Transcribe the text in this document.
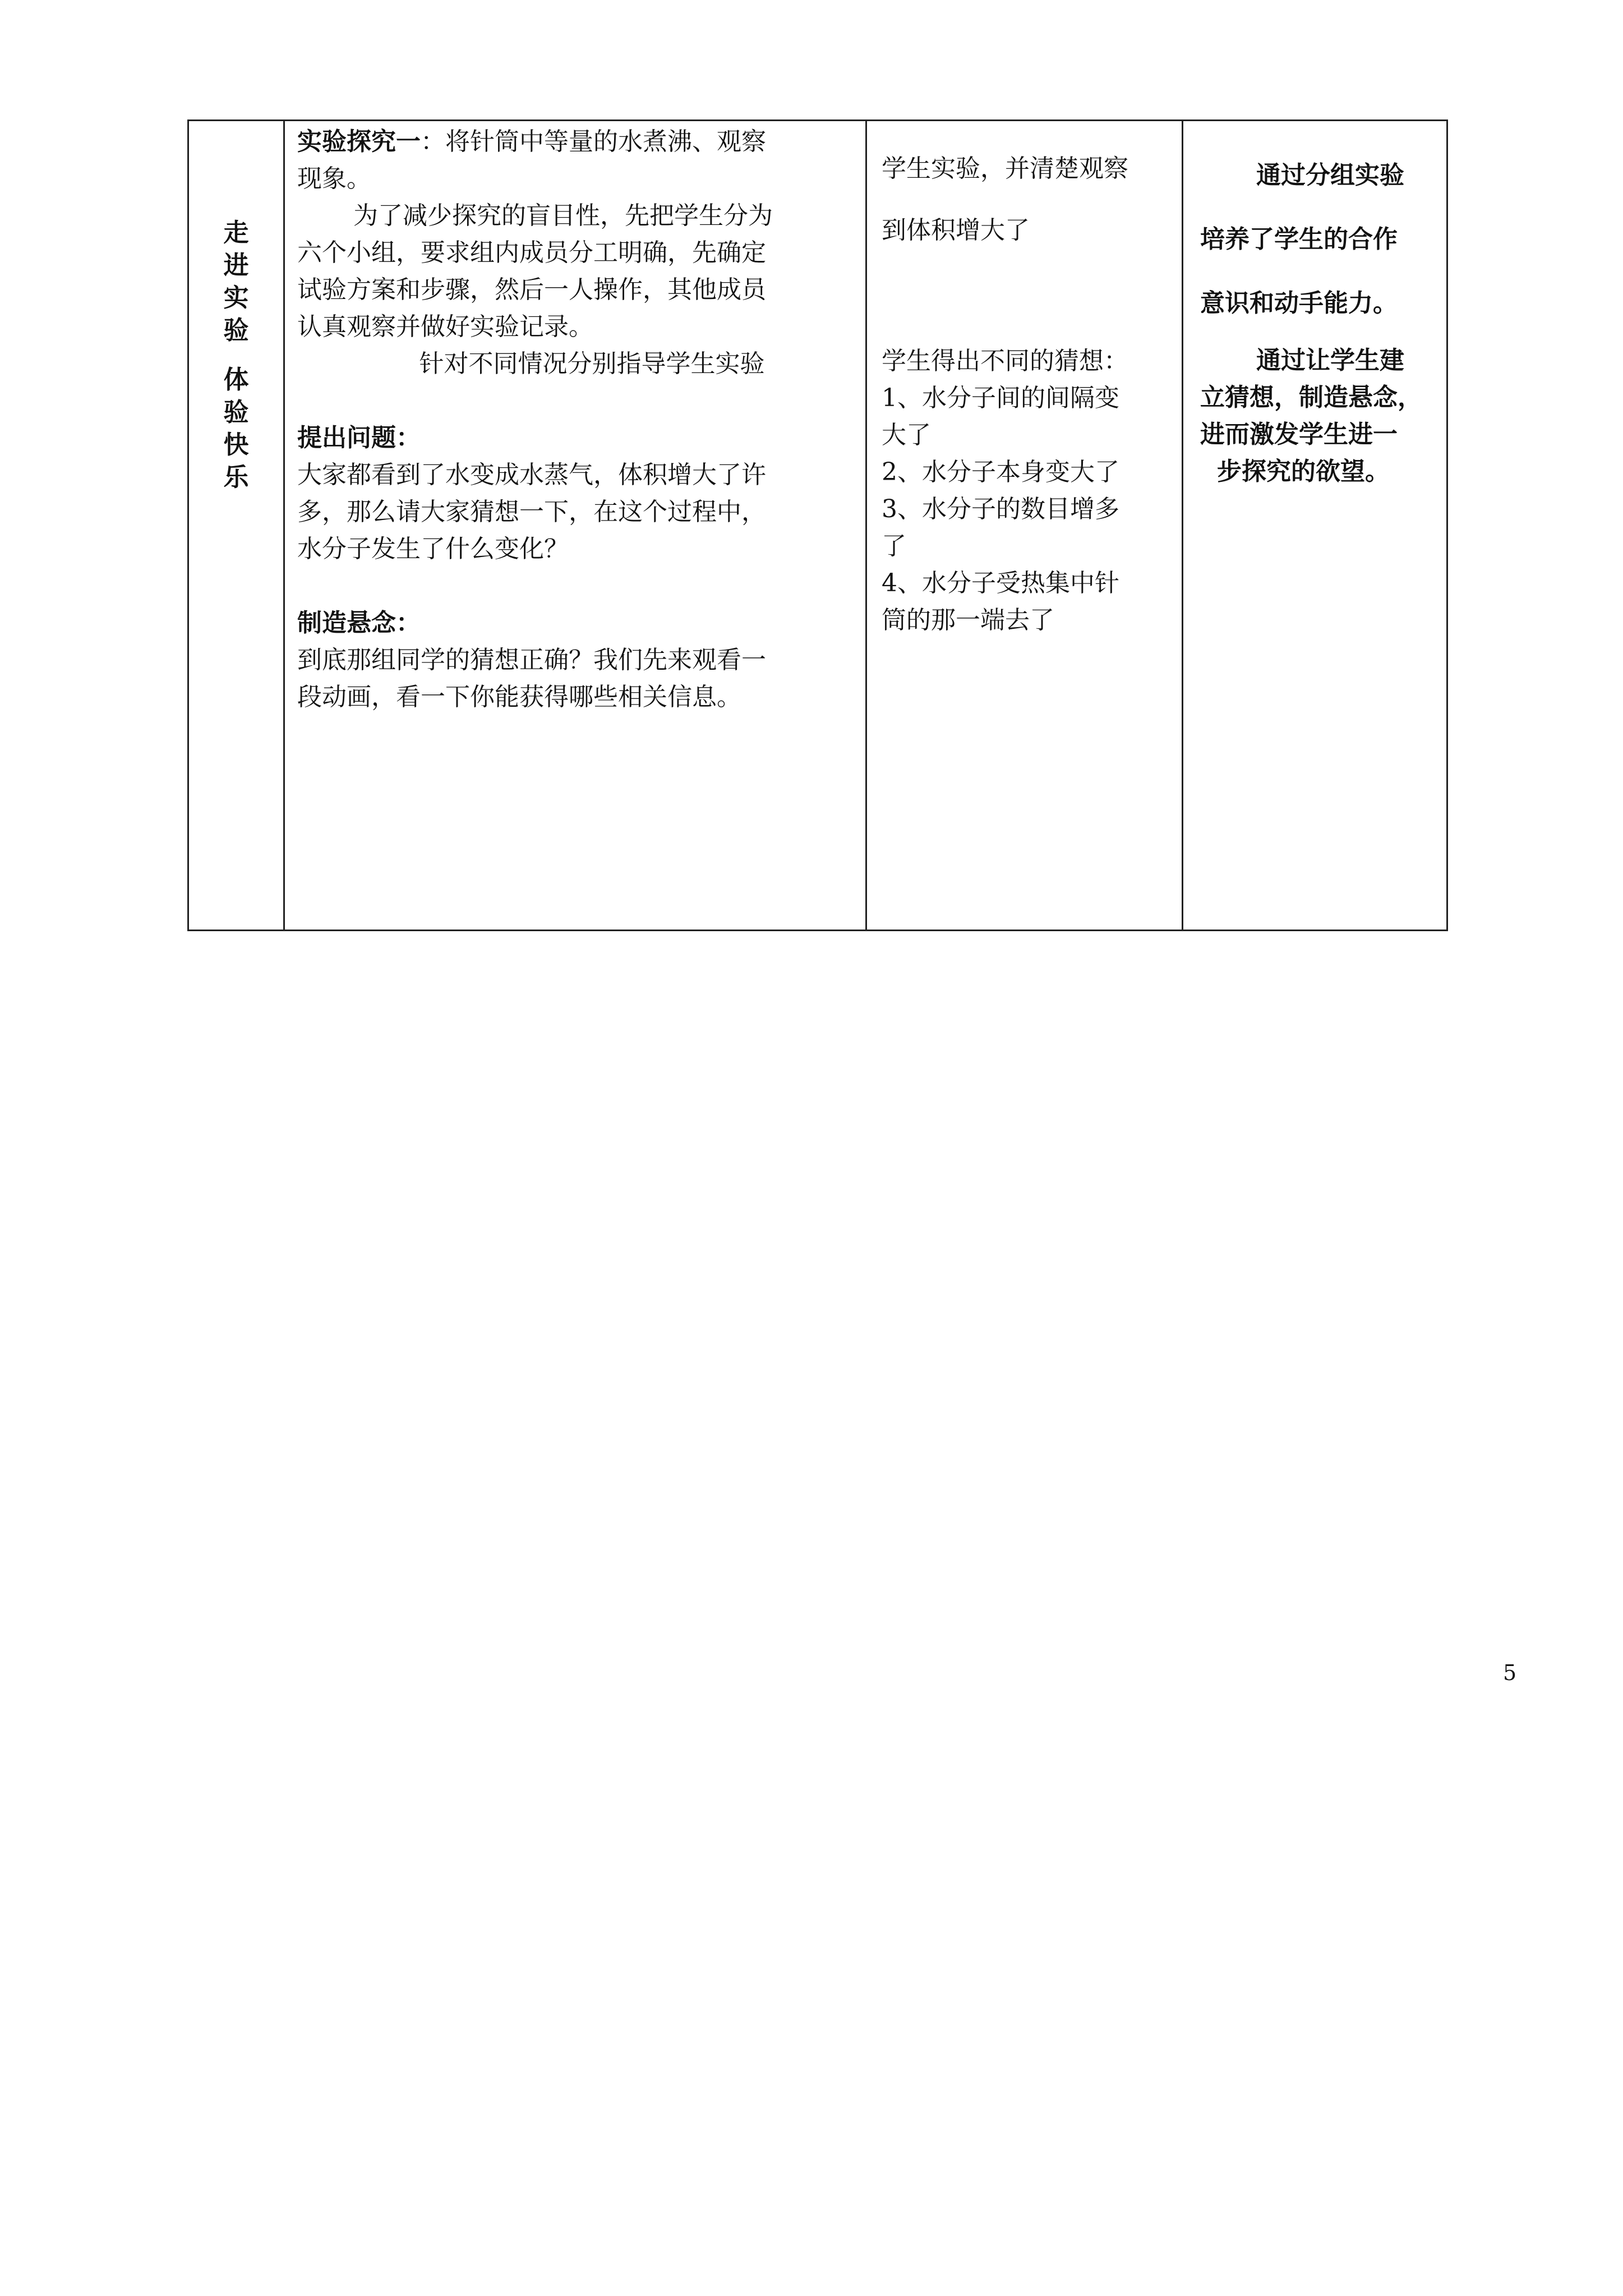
走
进
实
验
体
验
快
乐

实验探究一：将针筒中等量的水煮沸、观察

现象。

为了减少探究的盲目性，先把学生分为

六个小组，要求组内成员分工明确，先确定

试验方案和步骤，然后一人操作，其他成员

认真观察并做好实验记录。

针对不同情况分别指导学生实验

提出问题：

大家都看到了水变成水蒸气，体积增大了许

多，那么请大家猜想一下，在这个过程中，

水分子发生了什么变化？

制造悬念：

到底那组同学的猜想正确？我们先来观看一

段动画，看一下你能获得哪些相关信息。

学生实验，并清楚观察

到体积增大了

学生得出不同的猜想：

1、水分子间的间隔变

大了

2、水分子本身变大了

3、水分子的数目增多

了

4、水分子受热集中针

筒的那一端去了

通过分组实验

培养了学生的合作

意识和动手能力。

通过让学生建

立猜想，制造悬念，

进而激发学生进一

步探究的欲望。

5
